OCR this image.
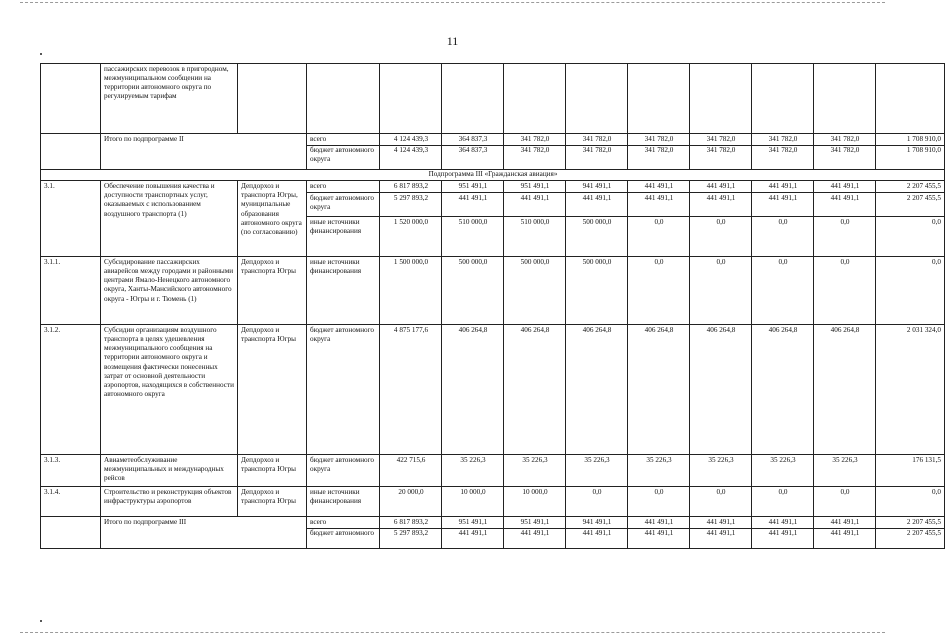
11
	пассажирских перевозок в пригородном, межмуниципальном сообщении на территории автономного округа по регулируемым тарифам											
	Итого по подпрограмме II		всего	4 124 439,3	364 837,3	341 782,0	341 782,0	341 782,0	341 782,0	341 782,0	341 782,0	1 708 910,0
			бюджет автономного округа	4 124 439,3	364 837,3	341 782,0	341 782,0	341 782,0	341 782,0	341 782,0	341 782,0	1 708 910,0
Подпрограмма III «Гражданская авиация»												
3.1.	Обеспечение повышения качества и доступности транспортных услуг, оказываемых с использованием воздушного транспорта (1)	Депдорхоз и транспорта Югры, муниципальные образования автономного округа (по согласованию)	всего	6 817 893,2	951 491,1	951 491,1	941 491,1	441 491,1	441 491,1	441 491,1	441 491,1	2 207 455,5
			бюджет автономного округа	5 297 893,2	441 491,1	441 491,1	441 491,1	441 491,1	441 491,1	441 491,1	441 491,1	2 207 455,5
			иные источники финансирования	1 520 000,0	510 000,0	510 000,0	500 000,0	0,0	0,0	0,0	0,0	0,0
3.1.1.	Субсидирование пассажирских авиарейсов между городами и районными центрами Ямало-Ненецкого автономного округа, Ханты-Мансийского автономного округа - Югры и г. Тюмень (1)	Депдорхоз и транспорта Югры	иные источники финансирования	1 500 000,0	500 000,0	500 000,0	500 000,0	0,0	0,0	0,0	0,0	0,0
3.1.2.	Субсидии организациям воздушного транспорта в целях удешевления межмуниципального сообщения на территории автономного округа и возмещения фактически понесенных затрат от основной деятельности аэропортов, находящихся в собственности автономного округа	Депдорхоз и транспорта Югры	бюджет автономного округа	4 875 177,6	406 264,8	406 264,8	406 264,8	406 264,8	406 264,8	406 264,8	406 264,8	2 031 324,0
3.1.3.	Авиаметеобслуживание межмуниципальных и международных рейсов	Депдорхоз и транспорта Югры	бюджет автономного округа	422 715,6	35 226,3	35 226,3	35 226,3	35 226,3	35 226,3	35 226,3	35 226,3	176 131,5
3.1.4.	Строительство и реконструкция объектов инфраструктуры аэропортов	Депдорхоз и транспорта Югры	иные источники финансирования	20 000,0	10 000,0	10 000,0	0,0	0,0	0,0	0,0	0,0	0,0
	Итого по подпрограмме III		всего	6 817 893,2	951 491,1	951 491,1	941 491,1	441 491,1	441 491,1	441 491,1	441 491,1	2 207 455,5
			бюджет автономного	5 297 893,2	441 491,1	441 491,1	441 491,1	441 491,1	441 491,1	441 491,1	441 491,1	2 207 455,5
